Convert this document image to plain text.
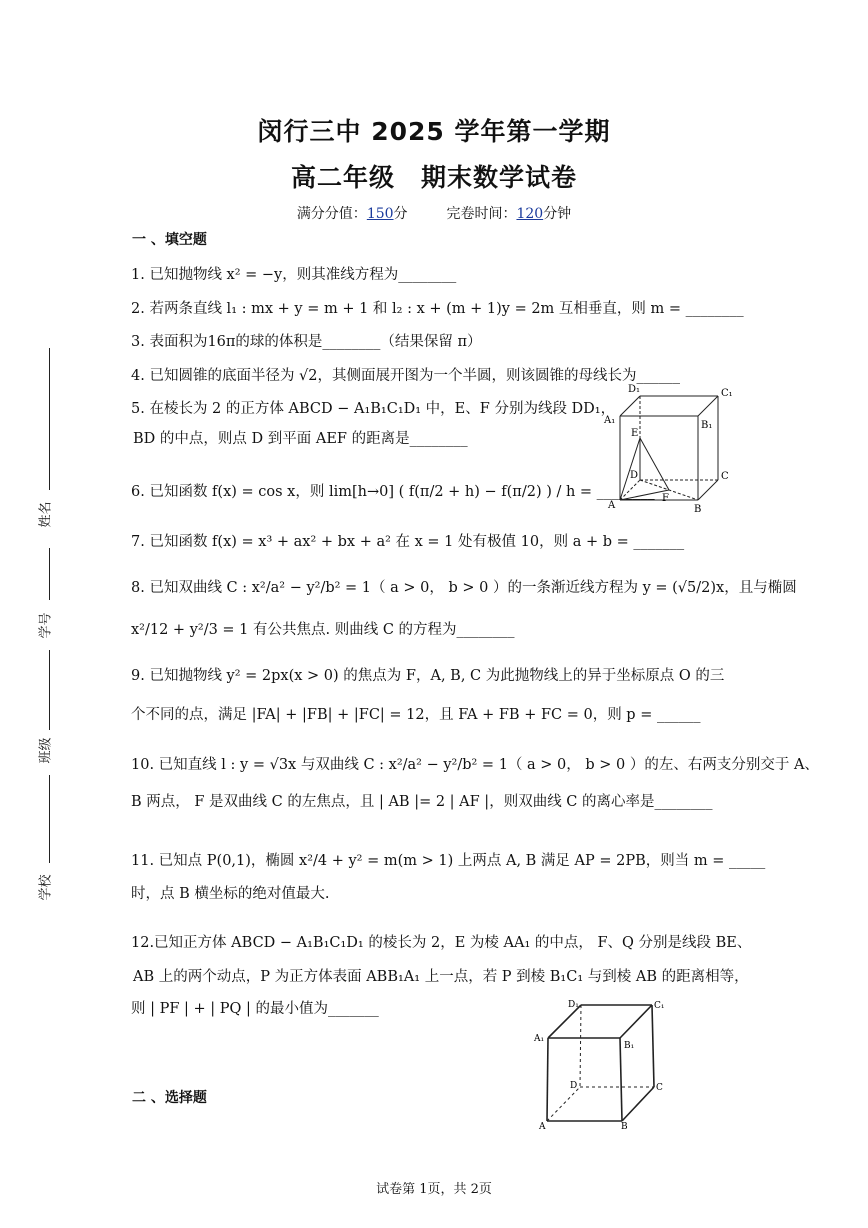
闵行三中 2025 学年第一学期
高二年级　期末数学试卷
满分分值：150分	完卷时间：120分钟
一 、填空题
姓名
学号
班级
学校
1. 已知抛物线 x² = −y，则其准线方程为________
2. 若两条直线 l₁ : mx + y = m + 1 和 l₂ : x + (m + 1)y = 2m 互相垂直，则 m = ________
3. 表面积为16π的球的体积是________（结果保留 π）
4. 已知圆锥的底面半径为 √2，其侧面展开图为一个半圆，则该圆锥的母线长为______
5. 在棱长为 2 的正方体 ABCD − A₁B₁C₁D₁ 中，E、F 分别为线段 DD₁，
BD 的中点，则点 D 到平面 AEF 的距离是________
6. 已知函数 f(x) = cos x，则 lim[h→0] ( f(π/2 + h) − f(π/2) ) / h = ________
7. 已知函数 f(x) = x³ + ax² + bx + a² 在 x = 1 处有极值 10，则 a + b = _______
8. 已知双曲线 C : x²/a² − y²/b² = 1（ a > 0， b > 0 ）的一条渐近线方程为 y = (√5/2)x，且与椭圆
x²/12 + y²/3 = 1 有公共焦点. 则曲线 C 的方程为________
9. 已知抛物线 y² = 2px(x > 0) 的焦点为 F，A, B, C 为此抛物线上的异于坐标原点 O 的三
个不同的点，满足 |FA| + |FB| + |FC| = 12，且 FA + FB + FC = 0，则 p = ______
10. 已知直线 l : y = √3x 与双曲线 C : x²/a² − y²/b² = 1（ a > 0， b > 0 ）的左、右两支分别交于 A、
B 两点， F 是双曲线 C 的左焦点，且 | AB |= 2 | AF |，则双曲线 C 的离心率是________
11. 已知点 P(0,1)，椭圆 x²/4 + y² = m(m > 1) 上两点 A, B 满足 AP = 2PB，则当 m = _____
时，点 B 横坐标的绝对值最大.
12.已知正方体 ABCD − A₁B₁C₁D₁ 的棱长为 2，E 为棱 AA₁ 的中点， F、Q 分别是线段 BE、
AB 上的两个动点，P 为正方体表面 ABB₁A₁ 上一点，若 P 到棱 B₁C₁ 与到棱 AB 的距离相等，
则 | PF | + | PQ | 的最小值为_______
二 、选择题
D₁	C₁
A₁	B₁
E
D	C
A
F
B
D₁	C₁
A₁
B₁
D	C
A	B
试卷第 1页，共 2页
